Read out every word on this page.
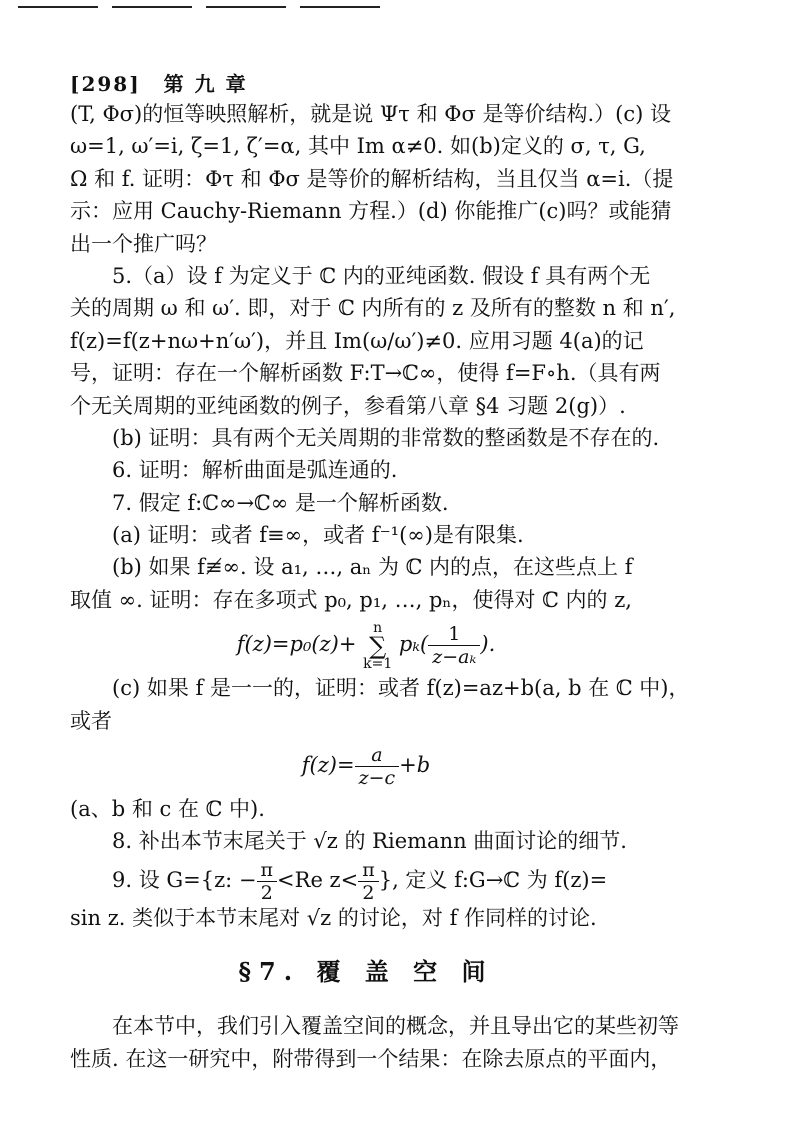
[298] 第 九 章
(T, Φσ)的恒等映照解析，就是说 Ψτ 和 Φσ 是等价结构.）(c) 设
ω=1, ω′=i, ζ=1, ζ′=α, 其中 Im α≠0. 如(b)定义的 σ, τ, G,
Ω 和 f. 证明：Φτ 和 Φσ 是等价的解析结构，当且仅当 α=i.（提
示：应用 Cauchy-Riemann 方程.）(d) 你能推广(c)吗？或能猜
出一个推广吗？
5.（a）设 f 为定义于 ℂ 内的亚纯函数. 假设 f 具有两个无
关的周期 ω 和 ω′. 即，对于 ℂ 内所有的 z 及所有的整数 n 和 n′,
f(z)=f(z+nω+n′ω′)，并且 Im(ω/ω′)≠0. 应用习题 4(a)的记
号，证明：存在一个解析函数 F:T→ℂ∞，使得 f=F∘h.（具有两
个无关周期的亚纯函数的例子，参看第八章 §4 习题 2(g)）.
(b) 证明：具有两个无关周期的非常数的整函数是不存在的.
6. 证明：解析曲面是弧连通的.
7. 假定 f:ℂ∞→ℂ∞ 是一个解析函数.
(a) 证明：或者 f≡∞，或者 f⁻¹(∞)是有限集.
(b) 如果 f≢∞. 设 a₁, …, aₙ 为 ℂ 内的点，在这些点上 f
取值 ∞. 证明：存在多项式 p₀, p₁, …, pₙ，使得对 ℂ 内的 z,
f(z)=p₀(z)+
n
∑
k=1
$p_k( \frac{1}{\text{z−aₖ}}$ ).
(c) 如果 f 是一一的，证明：或者 f(z)=az+b(a, b 在 ℂ 中)，
或者
$f(z)= \frac{a}{z-c} +b$
(a、b 和 c 在 ℂ 中).
8. 补出本节末尾关于 √z 的 Riemann 曲面讨论的细节.
9. 设 G={z: − $\frac{\pi}{2} <Re$ $z< \frac{\pi}{2}$ }, 定义 f:G→ℂ 为 f(z)=
sin z. 类似于本节末尾对 √z 的讨论，对 f 作同样的讨论.
§7. 覆 盖 空 间
在本节中，我们引入覆盖空间的概念，并且导出它的某些初等
性质. 在这一研究中，附带得到一个结果：在除去原点的平面内，
